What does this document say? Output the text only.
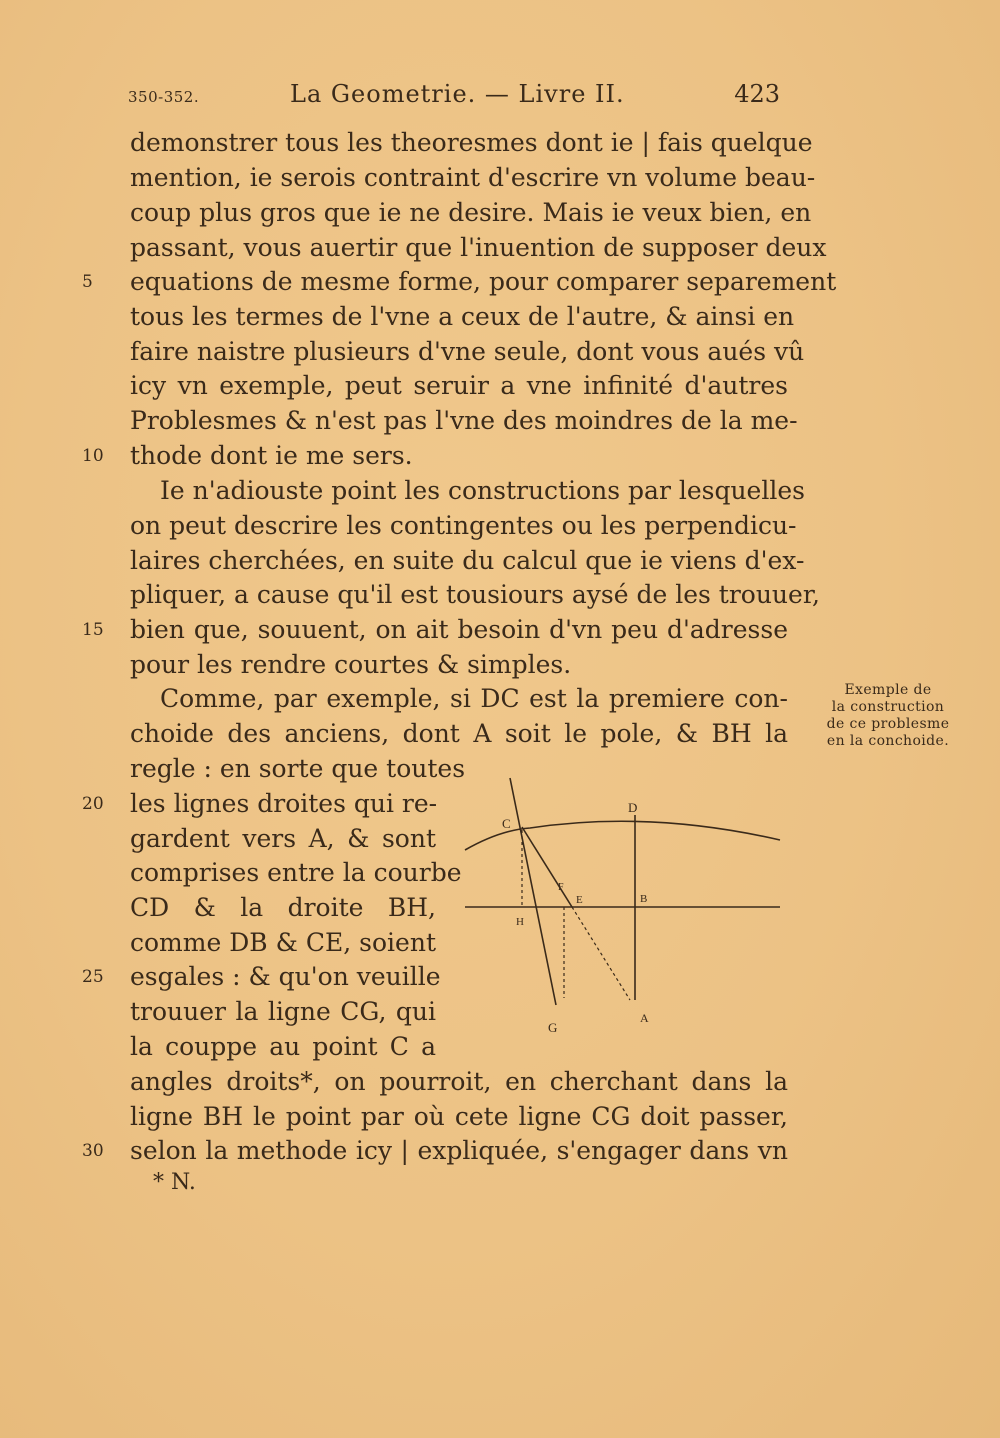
350-352.	La Geometrie. — Livre II.	423
demonstrer tous les theoresmes dont ie | fais quelque
mention, ie serois contraint d'escrire vn volume beau-
coup plus gros que ie ne desire. Mais ie veux bien, en
passant, vous auertir que l'inuention de supposer deux
equations de mesme forme, pour comparer separement
tous les termes de l'vne a ceux de l'autre, & ainsi en
faire naistre plusieurs d'vne seule, dont vous aués vû
icy vn exemple, peut seruir a vne infinité d'autres
Problesmes & n'est pas l'vne des moindres de la me-
thode dont ie me sers.
Ie n'adiouste point les constructions par lesquelles
on peut descrire les contingentes ou les perpendicu-
laires cherchées, en suite du calcul que ie viens d'ex-
pliquer, a cause qu'il est tousiours aysé de les trouuer,
bien que, souuent, on ait besoin d'vn peu d'adresse
pour les rendre courtes & simples.
Comme, par exemple, si DC est la premiere con-
choide des anciens, dont A soit le pole, & BH la
regle : en sorte que toutes
les lignes droites qui re-
gardent vers A, & sont
comprises entre la courbe
CD & la droite BH,
comme DB & CE, soient
esgales : & qu'on veuille
trouuer la ligne CG, qui
la couppe au point C a
angles droits*, on pourroit, en cherchant dans la
ligne BH le point par où cete ligne CG doit passer,
selon la methode icy | expliquée, s'engager dans vn
5
10
15
20
25
30
Exemple de
la construction
de ce problesme
en la conchoide.
D
C
F
E	B
H
G
A
* N.
